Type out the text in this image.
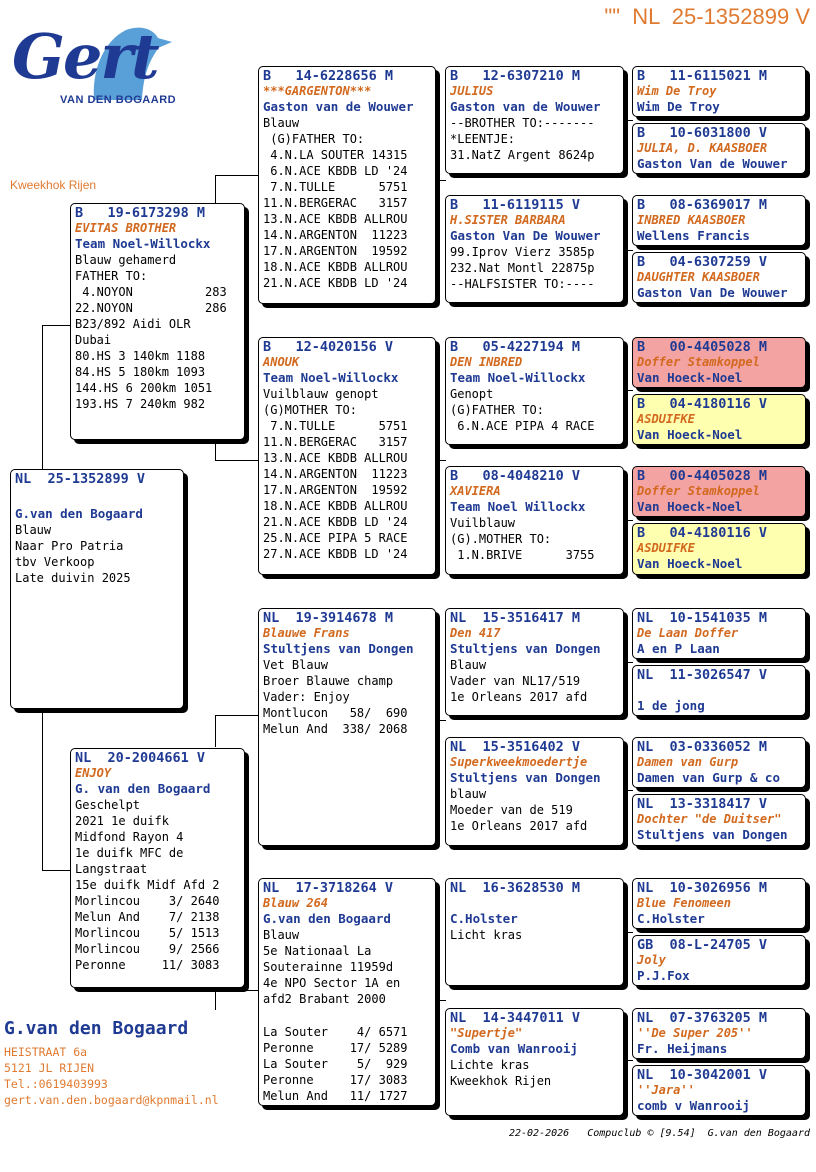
""  NL  25-1352899 V
Gert
VAN DEN BOGAARD
Kweekhok Rijen
NL  25-1352899 V
G.van den Bogaard
Blauw
Naar Pro Patria
tbv Verkoop
Late duivin 2025
B   19-6173298 M
EVITAS BROTHER
Team Noel-Willockx
Blauw gehamerd
FATHER TO:
4.NOYON          283
22.NOYON          286
B23/892 Aidi OLR
Dubai
80.HS 3 140km 1188
84.HS 5 180km 1093
144.HS 6 200km 1051
193.HS 7 240km 982
NL  20-2004661 V
ENJOY
G. van den Bogaard
Geschelpt
2021 1e duifk
Midfond Rayon 4
1e duifk MFC de
Langstraat
15e duifk Midf Afd 2
Morlincou    3/ 2640
Melun And    7/ 2138
Morlincou    5/ 1513
Morlincou    9/ 2566
Peronne     11/ 3083
B   14-6228656 M
***GARGENTON***
Gaston van de Wouwer
Blauw
(G)FATHER TO:
4.N.LA SOUTER 14315
6.N.ACE KBDB LD '24
7.N.TULLE      5751
11.N.BERGERAC   3157
13.N.ACE KBDB ALLROU
14.N.ARGENTON  11223
17.N.ARGENTON  19592
18.N.ACE KBDB ALLROU
21.N.ACE KBDB LD '24
B   12-4020156 V
ANOUK
Team Noel-Willockx
Vuilblauw genopt
(G)MOTHER TO:
7.N.TULLE      5751
11.N.BERGERAC   3157
13.N.ACE KBDB ALLROU
14.N.ARGENTON  11223
17.N.ARGENTON  19592
18.N.ACE KBDB ALLROU
21.N.ACE KBDB LD '24
25.N.ACE PIPA 5 RACE
27.N.ACE KBDB LD '24
NL  19-3914678 M
Blauwe Frans
Stultjens van Dongen
Vet Blauw
Broer Blauwe champ
Vader: Enjoy
Montlucon   58/  690
Melun And  338/ 2068
NL  17-3718264 V
Blauw 264
G.van den Bogaard
Blauw
5e Nationaal La
Souterainne 11959d
4e NPO Sector 1A en
afd2 Brabant 2000
La Souter    4/ 6571
Peronne     17/ 5289
La Souter    5/  929
Peronne     17/ 3083
Melun And   11/ 1727
B   12-6307210 M
JULIUS
Gaston van de Wouwer
--BROTHER TO:-------
*LEENTJE:
31.NatZ Argent 8624p
B   11-6119115 V
H.SISTER BARBARA
Gaston Van De Wouwer
99.Iprov Vierz 3585p
232.Nat Montl 22875p
--HALFSISTER TO:----
B   05-4227194 M
DEN INBRED
Team Noel-Willockx
Genopt
(G)FATHER TO:
6.N.ACE PIPA 4 RACE
B   08-4048210 V
XAVIERA
Team Noel Willockx
Vuilblauw
(G).MOTHER TO:
1.N.BRIVE      3755
NL  15-3516417 M
Den 417
Stultjens van Dongen
Blauw
Vader van NL17/519
1e Orleans 2017 afd
NL  15-3516402 V
Superkweekmoedertje
Stultjens van Dongen
blauw
Moeder van de 519
1e Orleans 2017 afd
NL  16-3628530 M
C.Holster
Licht kras
NL  14-3447011 V
"Supertje"
Comb van Wanrooij
Lichte kras
Kweekhok Rijen
B   11-6115021 M
Wim De Troy
Wim De Troy
B   10-6031800 V
JULIA, D. KAASBOER
Gaston Van de Wouwer
B   08-6369017 M
INBRED KAASBOER
Wellens Francis
B   04-6307259 V
DAUGHTER KAASBOER
Gaston Van De Wouwer
B   00-4405028 M
Doffer Stamkoppel
Van Hoeck-Noel
B   04-4180116 V
ASDUIFKE
Van Hoeck-Noel
B   00-4405028 M
Doffer Stamkoppel
Van Hoeck-Noel
B   04-4180116 V
ASDUIFKE
Van Hoeck-Noel
NL  10-1541035 M
De Laan Doffer
A en P Laan
NL  11-3026547 V
1 de jong
NL  03-0336052 M
Damen van Gurp
Damen van Gurp & co
NL  13-3318417 V
Dochter "de Duitser"
Stultjens van Dongen
NL  10-3026956 M
Blue Fenomeen
C.Holster
GB  08-L-24705 V
Joly
P.J.Fox
NL  07-3763205 M
''De Super 205''
Fr. Heijmans
NL  10-3042001 V
''Jara''
comb v Wanrooij
G.van den Bogaard
HEISTRAAT 6a
5121 JL RIJEN
Tel.:0619403993
gert.van.den.bogaard@kpnmail.nl
22-02-2026   Compuclub © [9.54]  G.van den Bogaard
